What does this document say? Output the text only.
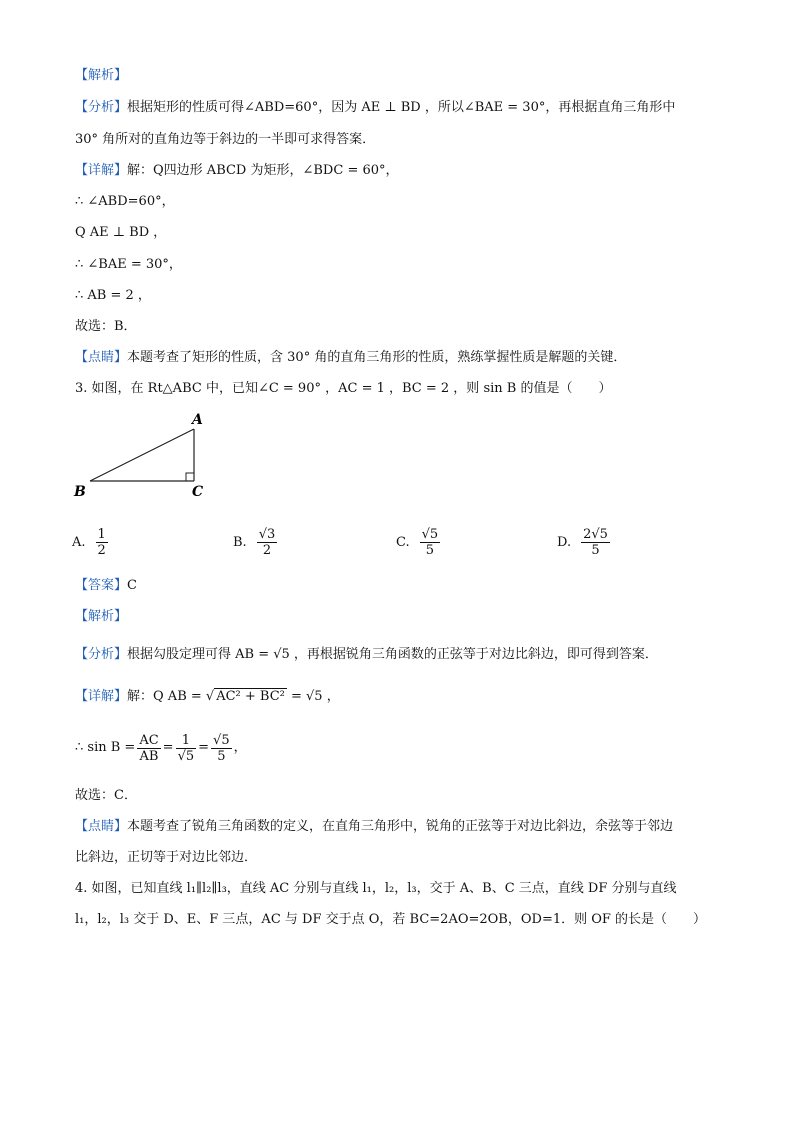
【解析】
【分析】根据矩形的性质可得∠ABD=60°，因为 AE ⊥ BD ，所以∠BAE = 30°，再根据直角三角形中
30° 角所对的直角边等于斜边的一半即可求得答案．
【详解】解：Q四边形 ABCD 为矩形，∠BDC = 60°，
∴ ∠ABD=60°，
Q AE ⊥ BD ，
∴ ∠BAE = 30°，
∴ AB = 2 ，
故选：B．
【点睛】本题考查了矩形的性质，含 30° 角的直角三角形的性质，熟练掌握性质是解题的关键．
3. 如图，在 Rt△ABC 中，已知∠C = 90° ，AC = 1 ，BC = 2 ，则 sin B 的值是（　　）
A
B	C
A. $\frac{1}{2}$	B. $\frac{√3}{2}$	C. $\frac{√5}{5}$	D. $\frac{2√5}{5}$
【答案】C
【解析】
【分析】根据勾股定理可得 AB = √5 ，再根据锐角三角函数的正弦等于对边比斜边，即可得到答案．
【详解】解：Q AB = √ AC² + BC² = √5 ，
∴ $\sin B = \frac{AC}{AB} = \frac{1}{√5} = \frac{√5}{5}$ ，
故选：C．
【点睛】本题考查了锐角三角函数的定义，在直角三角形中，锐角的正弦等于对边比斜边，余弦等于邻边
比斜边，正切等于对边比邻边．
4. 如图，已知直线 l₁∥l₂∥l₃，直线 AC 分别与直线 l₁，l₂，l₃，交于 A、B、C 三点，直线 DF 分别与直线
l₁，l₂，l₃ 交于 D、E、F 三点，AC 与 DF 交于点 O，若 BC=2AO=2OB，OD=1．则 OF 的长是（　　）
